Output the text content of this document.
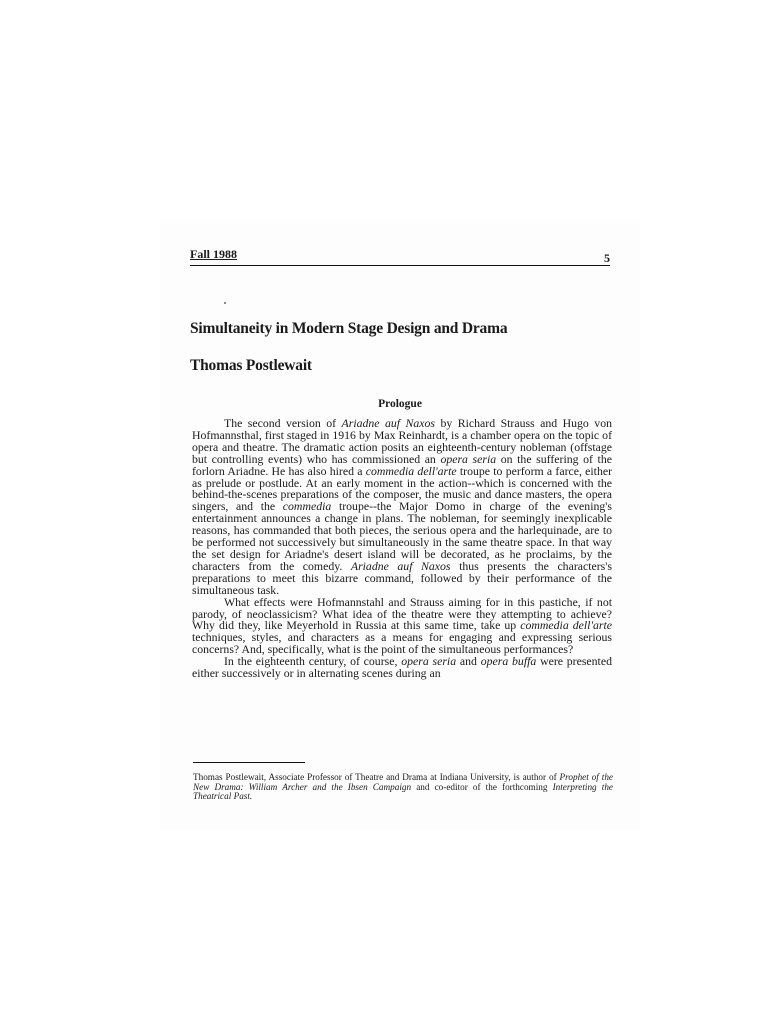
Fall 1988	5
Simultaneity in Modern Stage Design and Drama
Thomas Postlewait
Prologue

The second version of Ariadne auf Naxos by Richard Strauss and Hugo von Hofmannsthal, first staged in 1916 by Max Reinhardt, is a chamber opera on the topic of opera and theatre. The dramatic action posits an eighteenth-century nobleman (offstage but controlling events) who has commissioned an opera seria on the suffering of the forlorn Ariadne. He has also hired a commedia dell'arte troupe to perform a farce, either as prelude or postlude. At an early moment in the action--which is concerned with the behind-the-scenes preparations of the composer, the music and dance masters, the opera singers, and the commedia troupe--the Major Domo in charge of the evening's entertainment announces a change in plans. The nobleman, for seemingly inexplicable reasons, has commanded that both pieces, the serious opera and the harlequinade, are to be performed not successively but simultaneously in the same theatre space. In that way the set design for Ariadne's desert island will be decorated, as he proclaims, by the characters from the comedy. Ariadne auf Naxos thus presents the characters's preparations to meet this bizarre command, followed by their performance of the simultaneous task.

What effects were Hofmannstahl and Strauss aiming for in this pastiche, if not parody, of neoclassicism? What idea of the theatre were they attempting to achieve? Why did they, like Meyerhold in Russia at this same time, take up commedia dell'arte techniques, styles, and characters as a means for engaging and expressing serious concerns? And, specifically, what is the point of the simultaneous performances?

In the eighteenth century, of course, opera seria and opera buffa were presented either successively or in alternating scenes during an

Thomas Postlewait, Associate Professor of Theatre and Drama at Indiana University, is author of Prophet of the New Drama: William Archer and the Ibsen Campaign and co-editor of the forthcoming Interpreting the Theatrical Past.
